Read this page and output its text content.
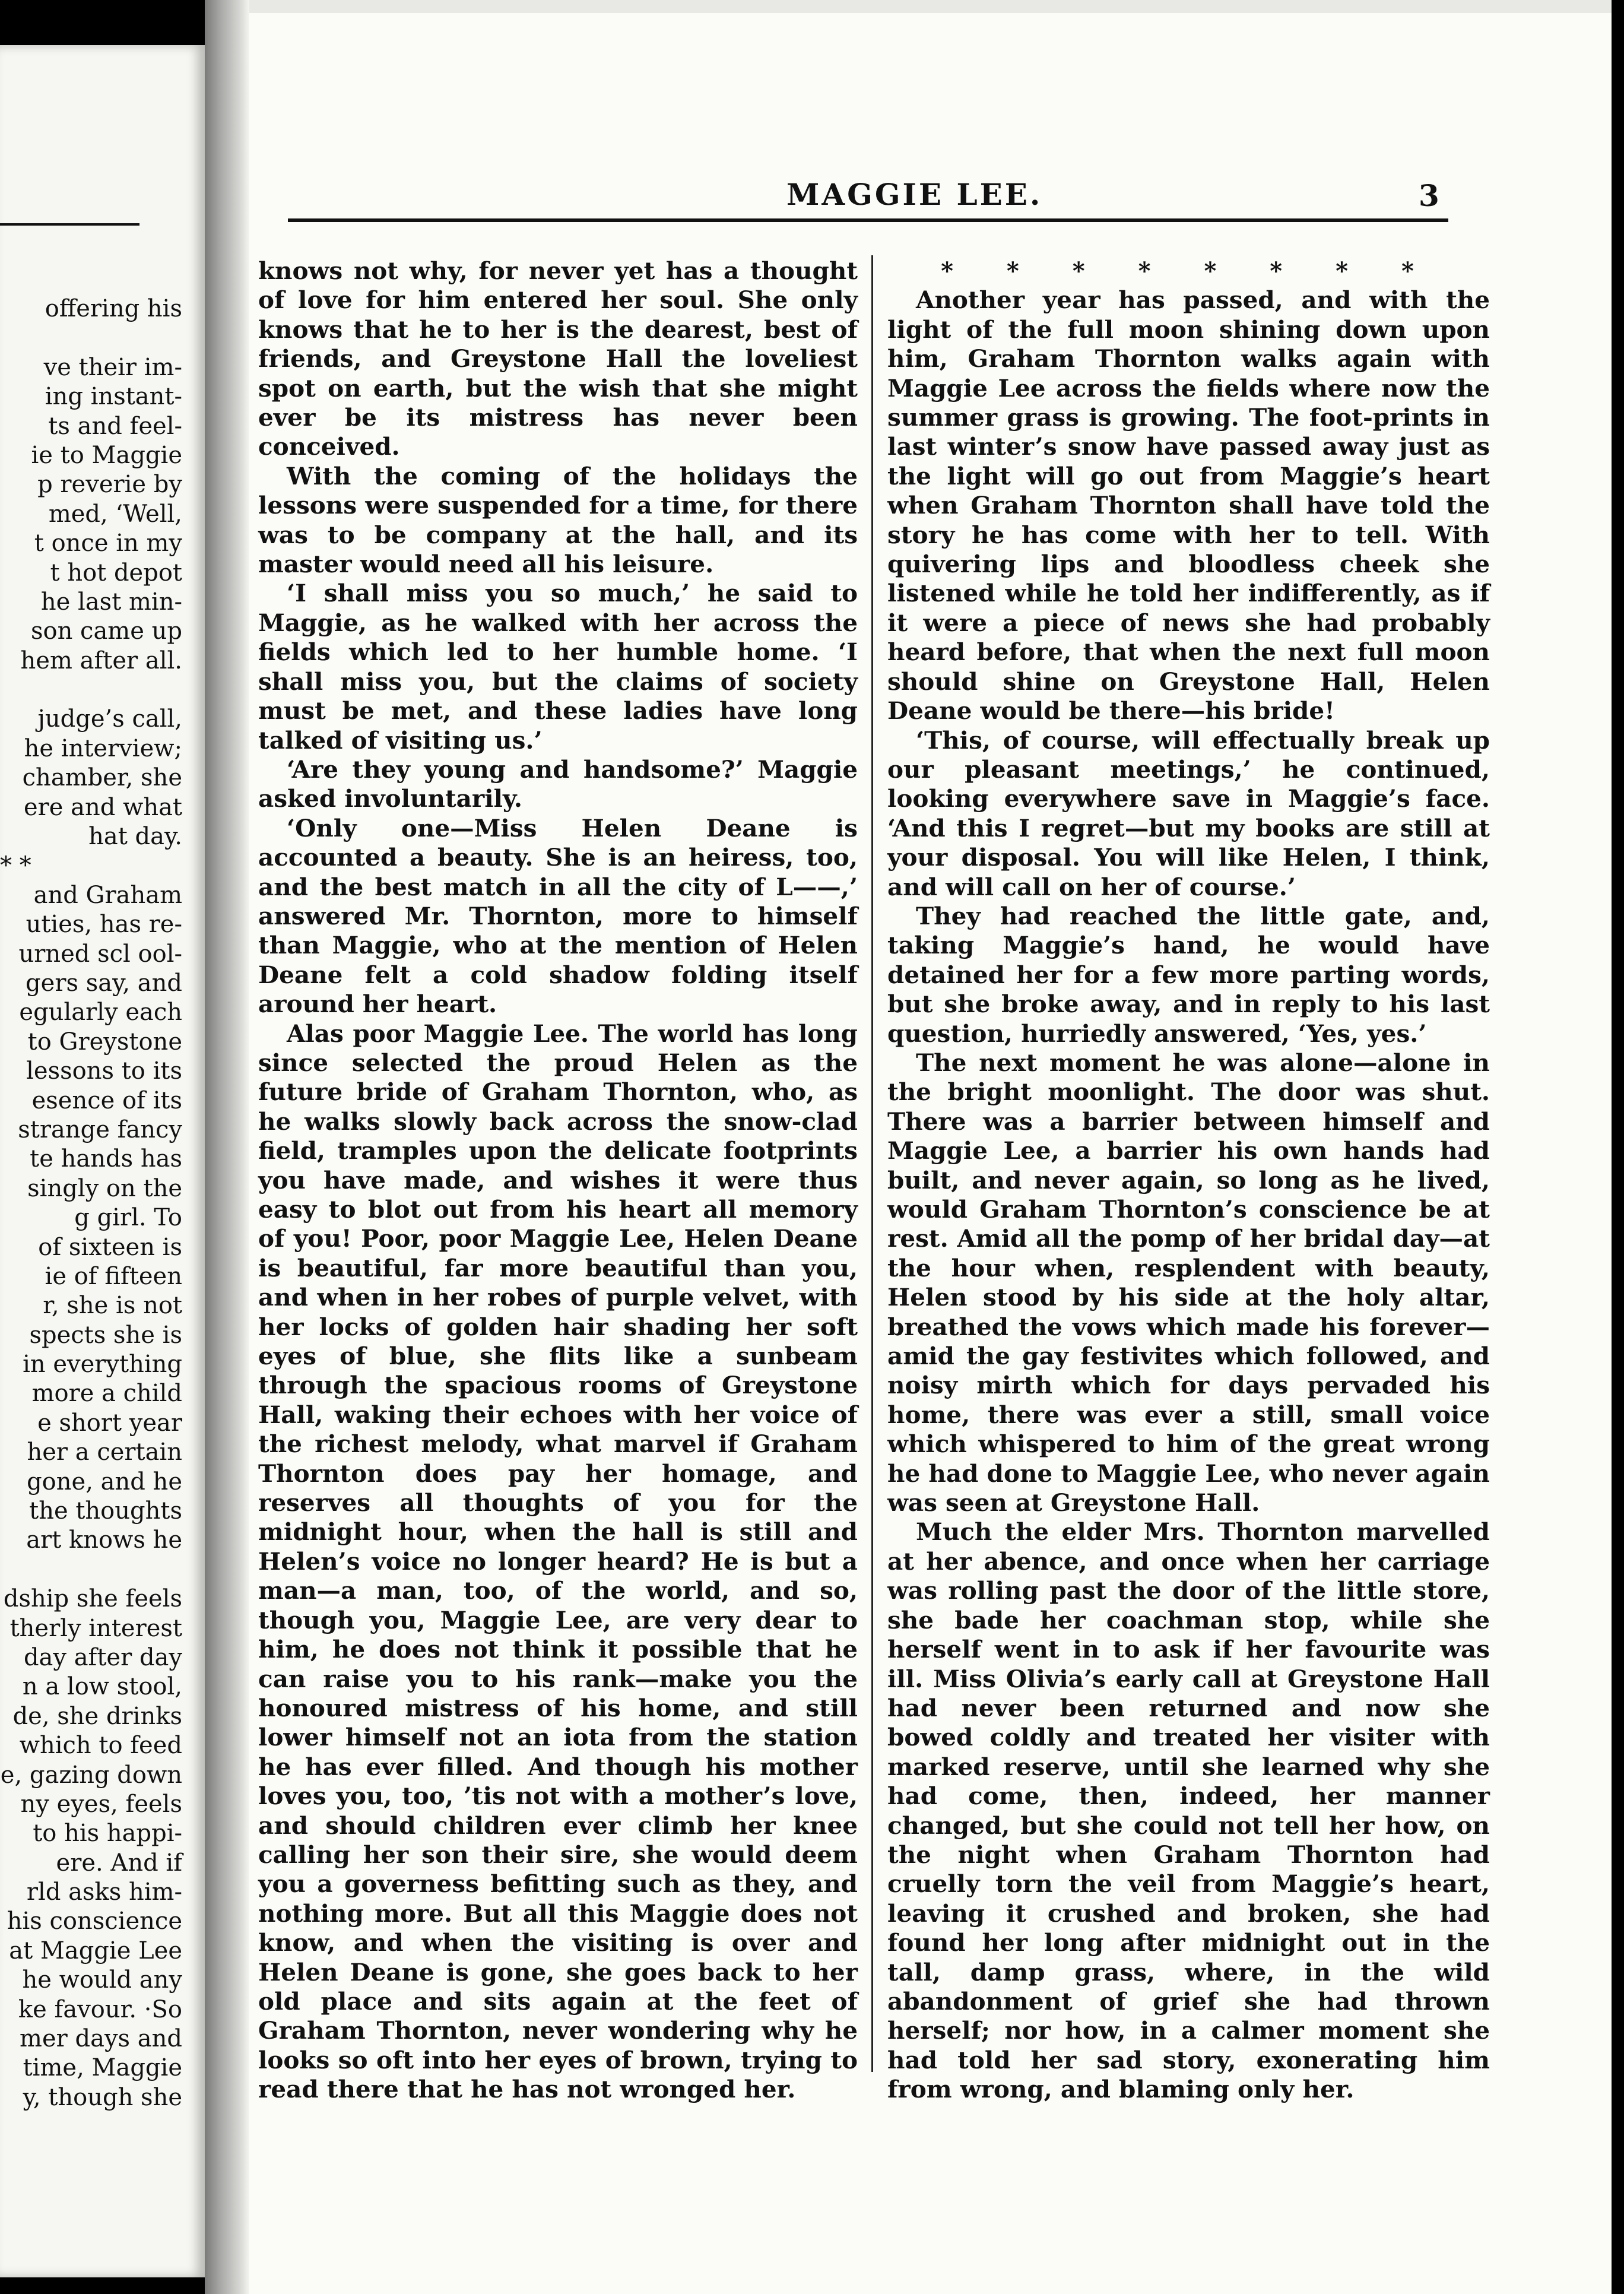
offering his
ve their im-
ing instant-
ts and feel-
ie to Maggie
p reverie by
med, ‘Well,
t once in my
t hot depot
he last min-
son came up
hem after all.
judge’s call,
he interview;
chamber, she
ere and what
hat day.
* *
and Graham
uties, has re-
urned scl ool-
gers say, and
egularly each
to Greystone
lessons to its
esence of its
strange fancy
te hands has
singly on the
g girl. To
of sixteen is
ie of fifteen
r, she is not
spects she is
in everything
more a child
e short year
her a certain
gone, and he
the thoughts
art knows he
dship she feels
therly interest
day after day
n a low stool,
de, she drinks
which to feed
e, gazing down
ny eyes, feels
to his happi-
ere. And if
rld asks him-
his conscience
at Maggie Lee
he would any
ke favour. ·So
mer days and
time, Maggie
y, though she
MAGGIE LEE.	3

knows not why, for never yet has a thought of love for him entered her soul. She only knows that he to her is the dearest, best of friends, and Greystone Hall the loveliest spot on earth, but the wish that she might ever be its mistress has never been conceived.

With the coming of the holidays the lessons were suspended for a time, for there was to be company at the hall, and its master would need all his leisure.

‘I shall miss you so much,’ he said to Maggie, as he walked with her across the fields which led to her humble home. ‘I shall miss you, but the claims of society must be met, and these ladies have long talked of visiting us.’

‘Are they young and handsome?’ Maggie asked involuntarily.

‘Only one—Miss Helen Deane is accounted a beauty. She is an heiress, too, and the best match in all the city of L——,’ answered Mr. Thornton, more to himself than Maggie, who at the mention of Helen Deane felt a cold shadow folding itself around her heart.

Alas poor Maggie Lee. The world has long since selected the proud Helen as the future bride of Graham Thornton, who, as he walks slowly back across the snow-clad field, tramples upon the delicate footprints you have made, and wishes it were thus easy to blot out from his heart all memory of you! Poor, poor Maggie Lee, Helen Deane is beautiful, far more beautiful than you, and when in her robes of purple velvet, with her locks of golden hair shading her soft eyes of blue, she flits like a sunbeam through the spacious rooms of Greystone Hall, waking their echoes with her voice of the richest melody, what marvel if Graham Thornton does pay her homage, and reserves all thoughts of you for the midnight hour, when the hall is still and Helen’s voice no longer heard? He is but a man—a man, too, of the world, and so, though you, Maggie Lee, are very dear to him, he does not think it possible that he can raise you to his rank—make you the honoured mistress of his home, and still lower himself not an iota from the station he has ever filled. And though his mother loves you, too, ’tis not with a mother’s love, and should children ever climb her knee calling her son their sire, she would deem you a governess befitting such as they, and nothing more. But all this Maggie does not know, and when the visiting is over and Helen Deane is gone, she goes back to her old place and sits again at the feet of Graham Thornton, never wondering why he looks so oft into her eyes of brown, trying to read there that he has not wronged her.

* * * * * * * *

Another year has passed, and with the light of the full moon shining down upon him, Graham Thornton walks again with Maggie Lee across the fields where now the summer grass is growing. The foot-prints in last winter’s snow have passed away just as the light will go out from Maggie’s heart when Graham Thornton shall have told the story he has come with her to tell. With quivering lips and bloodless cheek she listened while he told her indifferently, as if it were a piece of news she had probably heard before, that when the next full moon should shine on Greystone Hall, Helen Deane would be there—his bride!

‘This, of course, will effectually break up our pleasant meetings,’ he continued, looking everywhere save in Maggie’s face. ‘And this I regret—but my books are still at your disposal. You will like Helen, I think, and will call on her of course.’

They had reached the little gate, and, taking Maggie’s hand, he would have detained her for a few more parting words, but she broke away, and in reply to his last question, hurriedly answered, ‘Yes, yes.’

The next moment he was alone—alone in the bright moonlight. The door was shut. There was a barrier between himself and Maggie Lee, a barrier his own hands had built, and never again, so long as he lived, would Graham Thornton’s conscience be at rest. Amid all the pomp of her bridal day—at the hour when, resplendent with beauty, Helen stood by his side at the holy altar, breathed the vows which made his forever—amid the gay festivites which followed, and noisy mirth which for days pervaded his home, there was ever a still, small voice which whispered to him of the great wrong he had done to Maggie Lee, who never again was seen at Greystone Hall.

Much the elder Mrs. Thornton marvelled at her abence, and once when her carriage was rolling past the door of the little store, she bade her coachman stop, while she herself went in to ask if her favourite was ill. Miss Olivia’s early call at Greystone Hall had never been returned and now she bowed coldly and treated her visiter with marked reserve, until she learned why she had come, then, indeed, her manner changed, but she could not tell her how, on the night when Graham Thornton had cruelly torn the veil from Maggie’s heart, leaving it crushed and broken, she had found her long after midnight out in the tall, damp grass, where, in the wild abandonment of grief she had thrown herself; nor how, in a calmer moment she had told her sad story, exonerating him from wrong, and blaming only her.
